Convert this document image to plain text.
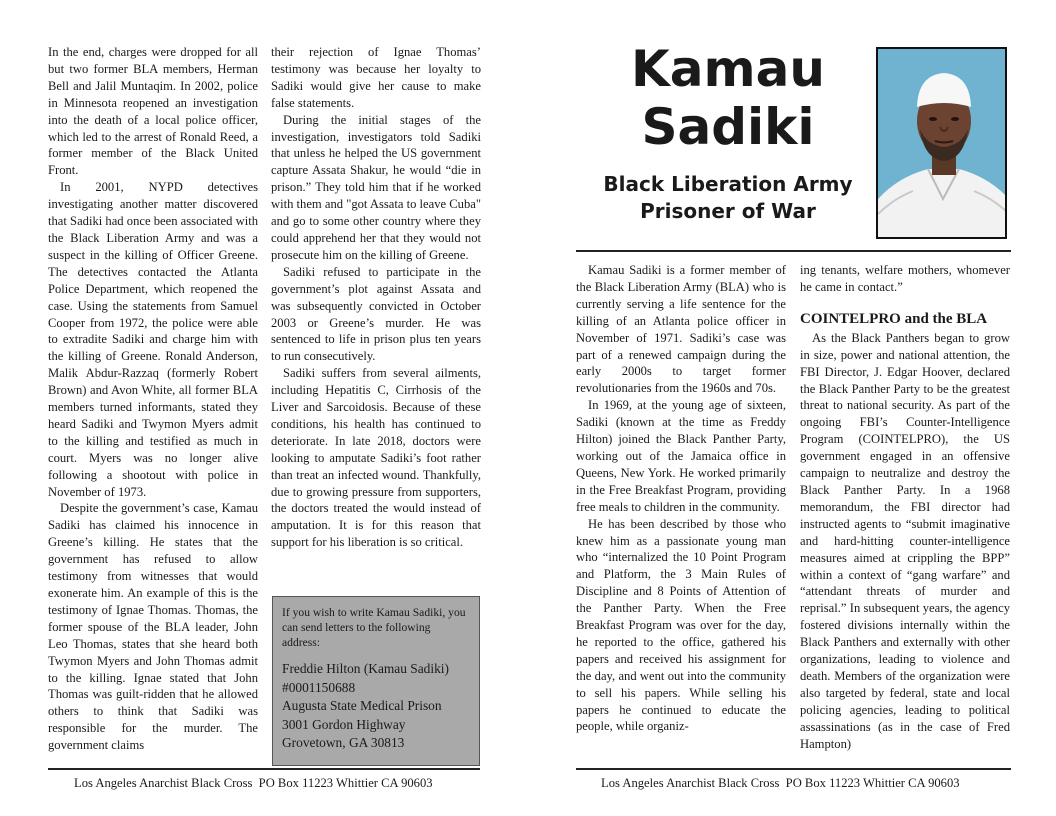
In the end, charges were dropped for all but two former BLA members, Herman Bell and Jalil Muntaqim. In 2002, police in Minnesota reopened an investigation into the death of a local police officer, which led to the arrest of Ronald Reed, a former member of the Black United Front.

In 2001, NYPD detectives investigating another matter discovered that Sadiki had once been associated with the Black Liberation Army and was a suspect in the killing of Officer Greene. The detectives contacted the Atlanta Police Department, which reopened the case. Using the statements from Samuel Cooper from 1972, the police were able to extradite Sadiki and charge him with the killing of Greene. Ronald Anderson, Malik Abdur-Razzaq (formerly Robert Brown) and Avon White, all former BLA members turned informants, stated they heard Sadiki and Twymon Myers admit to the killing and testified as much in court. Myers was no longer alive following a shootout with police in November of 1973.

Despite the government’s case, Kamau Sadiki has claimed his innocence in Greene’s killing. He states that the government has refused to allow testimony from witnesses that would exonerate him. An example of this is the testimony of Ignae Thomas. Thomas, the former spouse of the BLA leader, John Leo Thomas, states that she heard both Twymon Myers and John Thomas admit to the killing. Ignae stated that John Thomas was guilt-ridden that he allowed others to think that Sadiki was responsible for the murder. The government claims

their rejection of Ignae Thomas’ testimony was because her loyalty to Sadiki would give her cause to make false statements.

During the initial stages of the investigation, investigators told Sadiki that unless he helped the US government capture Assata Shakur, he would “die in prison.” They told him that if he worked with them and "got Assata to leave Cuba" and go to some other country where they could apprehend her that they would not prosecute him on the killing of Greene.

Sadiki refused to participate in the government’s plot against Assata and was subsequently convicted in October 2003 or Greene’s murder. He was sentenced to life in prison plus ten years to run consecutively.

Sadiki suffers from several ailments, including Hepatitis C, Cirrhosis of the Liver and Sarcoidosis. Because of these conditions, his health has continued to deteriorate. In late 2018, doctors were looking to amputate Sadiki’s foot rather than treat an infected wound. Thankfully, due to growing pressure from supporters, the doctors treated the would instead of amputation. It is for this reason that support for his liberation is so critical.

If you wish to write Kamau Sadiki, you can send letters to the following address:
Freddie Hilton (Kamau Sadiki)
#0001150688
Augusta State Medical Prison
3001 Gordon Highway
Grovetown, GA 30813
Los Angeles Anarchist Black Cross  PO Box 11223 Whittier CA 90603
Kamau Sadiki
Black Liberation Army Prisoner of War

Kamau Sadiki is a former member of the Black Liberation Army (BLA) who is currently serving a life sentence for the killing of an Atlanta police officer in November of 1971. Sadiki’s case was part of a renewed campaign during the early 2000s to target former revolutionaries from the 1960s and 70s.

In 1969, at the young age of sixteen, Sadiki (known at the time as Freddy Hilton) joined the Black Panther Party, working out of the Jamaica office in Queens, New York. He worked primarily in the Free Breakfast Program, providing free meals to children in the community.

He has been described by those who knew him as a passionate young man who “internalized the 10 Point Program and Platform, the 3 Main Rules of Discipline and 8 Points of Attention of the Panther Party. When the Free Breakfast Program was over for the day, he reported to the office, gathered his papers and received his assignment for the day, and went out into the community to sell his papers. While selling his papers he continued to educate the people, while organiz-

ing tenants, welfare mothers, whomever he came in contact.”

COINTELPRO and the BLA

As the Black Panthers began to grow in size, power and national attention, the FBI Director, J. Edgar Hoover, declared the Black Panther Party to be the greatest threat to national security. As part of the ongoing FBI’s Counter-Intelligence Program (COINTELPRO), the US government engaged in an offensive campaign to neutralize and destroy the Black Panther Party. In a 1968 memorandum, the FBI director had instructed agents to “submit imaginative and hard-hitting counter-intelligence measures aimed at crippling the BPP” within a context of “gang warfare” and “attendant threats of murder and reprisal.” In subsequent years, the agency fostered divisions internally within the Black Panthers and externally with other organizations, leading to violence and death. Members of the organization were also targeted by federal, state and local policing agencies, leading to political assassinations (as in the case of Fred Hampton)

Los Angeles Anarchist Black Cross  PO Box 11223 Whittier CA 90603
